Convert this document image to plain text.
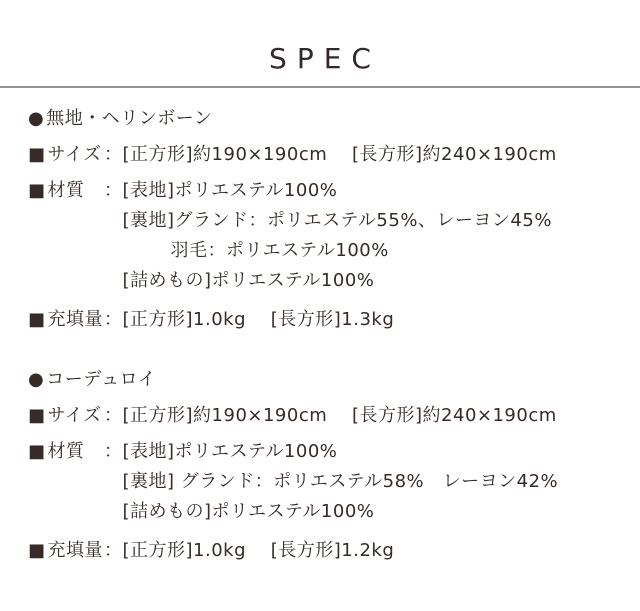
SPEC
● 無地・ヘリンボーン
■ サイズ ： [正方形]約190×190cm　 [長方形]約240×190cm
■ 材質	： [表地]ポリエステル100%
[裏地]グランド：ポリエステル55%、レーヨン45%
羽毛：ポリエステル100%
[詰めもの]ポリエステル100%
■ 充填量 ： [正方形]1.0kg　 [長方形]1.3kg
● コーデュロイ
■ サイズ ： [正方形]約190×190cm　 [長方形]約240×190cm
■ 材質	： [表地]ポリエステル100%
[裏地] グランド：ポリエステル58%　レーヨン42%
[詰めもの]ポリエステル100%
■ 充填量 ： [正方形]1.0kg　 [長方形]1.2kg
